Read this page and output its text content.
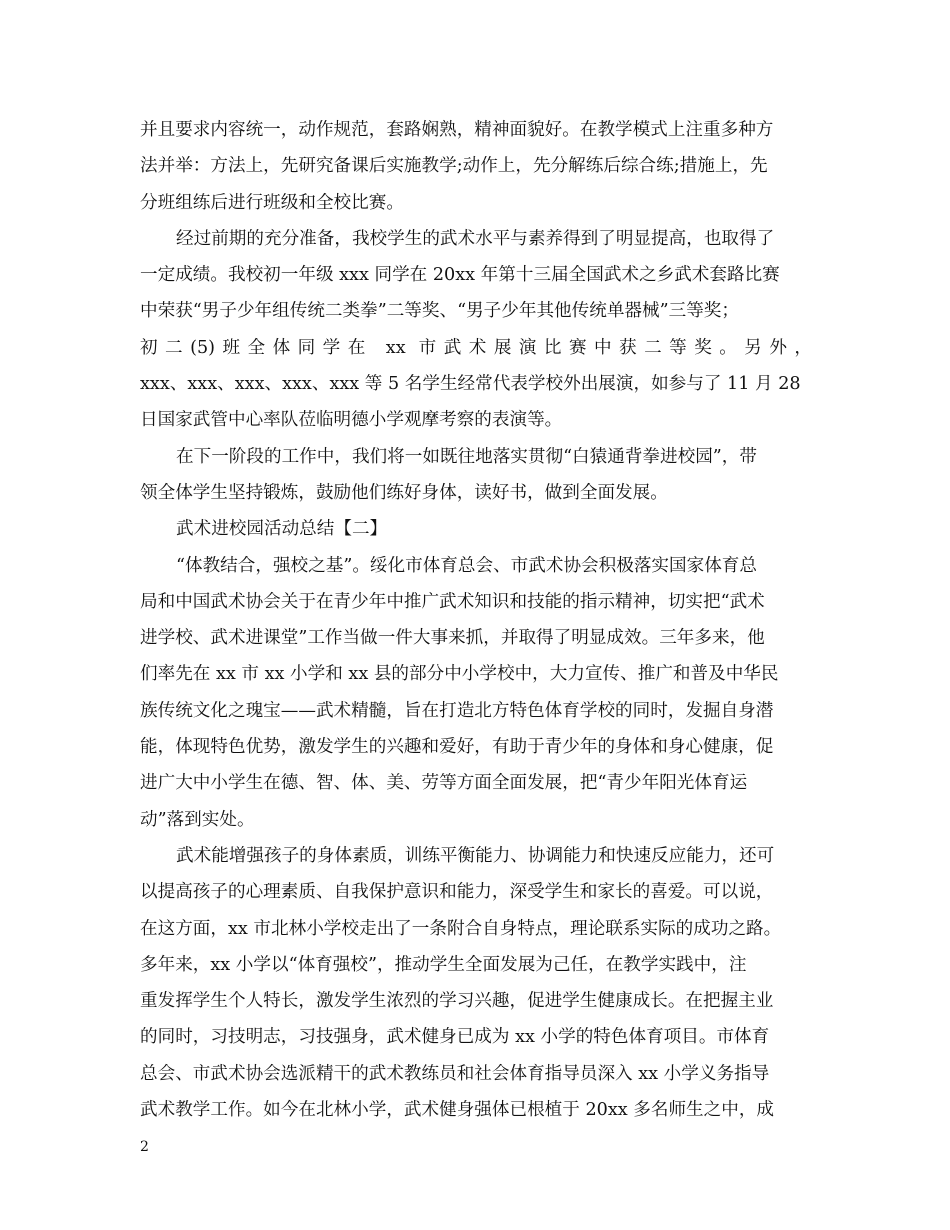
并且要求内容统一，动作规范，套路娴熟，精神面貌好。在教学模式上注重多种方
法并举：方法上，先研究备课后实施教学;动作上，先分解练后综合练;措施上，先
分班组练后进行班级和全校比赛。
经过前期的充分准备，我校学生的武术水平与素养得到了明显提高，也取得了
一定成绩。我校初一年级 xxx 同学在 20xx 年第十三届全国武术之乡武术套路比赛
中荣获“男子少年组传统二类拳”二等奖、“男子少年其他传统单器械”三等奖；
初二(5)班全体同学在 xx 市武术展演比赛中获二等奖。另外，
xxx、xxx、xxx、xxx、xxx 等 5 名学生经常代表学校外出展演，如参与了 11 月 28
日国家武管中心率队莅临明德小学观摩考察的表演等。
在下一阶段的工作中，我们将一如既往地落实贯彻“白猿通背拳进校园”，带
领全体学生坚持锻炼，鼓励他们练好身体，读好书，做到全面发展。
武术进校园活动总结【二】
“体教结合，强校之基”。绥化市体育总会、市武术协会积极落实国家体育总
局和中国武术协会关于在青少年中推广武术知识和技能的指示精神，切实把“武术
进学校、武术进课堂”工作当做一件大事来抓，并取得了明显成效。三年多来，他
们率先在 xx 市 xx 小学和 xx 县的部分中小学校中，大力宣传、推广和普及中华民
族传统文化之瑰宝——武术精髓，旨在打造北方特色体育学校的同时，发掘自身潜
能，体现特色优势，激发学生的兴趣和爱好，有助于青少年的身体和身心健康，促
进广大中小学生在德、智、体、美、劳等方面全面发展，把“青少年阳光体育运
动”落到实处。
武术能增强孩子的身体素质，训练平衡能力、协调能力和快速反应能力，还可
以提高孩子的心理素质、自我保护意识和能力，深受学生和家长的喜爱。可以说，
在这方面，xx 市北林小学校走出了一条附合自身特点，理论联系实际的成功之路。
多年来，xx 小学以“体育强校”，推动学生全面发展为己任，在教学实践中，注
重发挥学生个人特长，激发学生浓烈的学习兴趣，促进学生健康成长。在把握主业
的同时，习技明志，习技强身，武术健身已成为 xx 小学的特色体育项目。市体育
总会、市武术协会选派精干的武术教练员和社会体育指导员深入 xx 小学义务指导
武术教学工作。如今在北林小学，武术健身强体已根植于 20xx 多名师生之中，成
2
